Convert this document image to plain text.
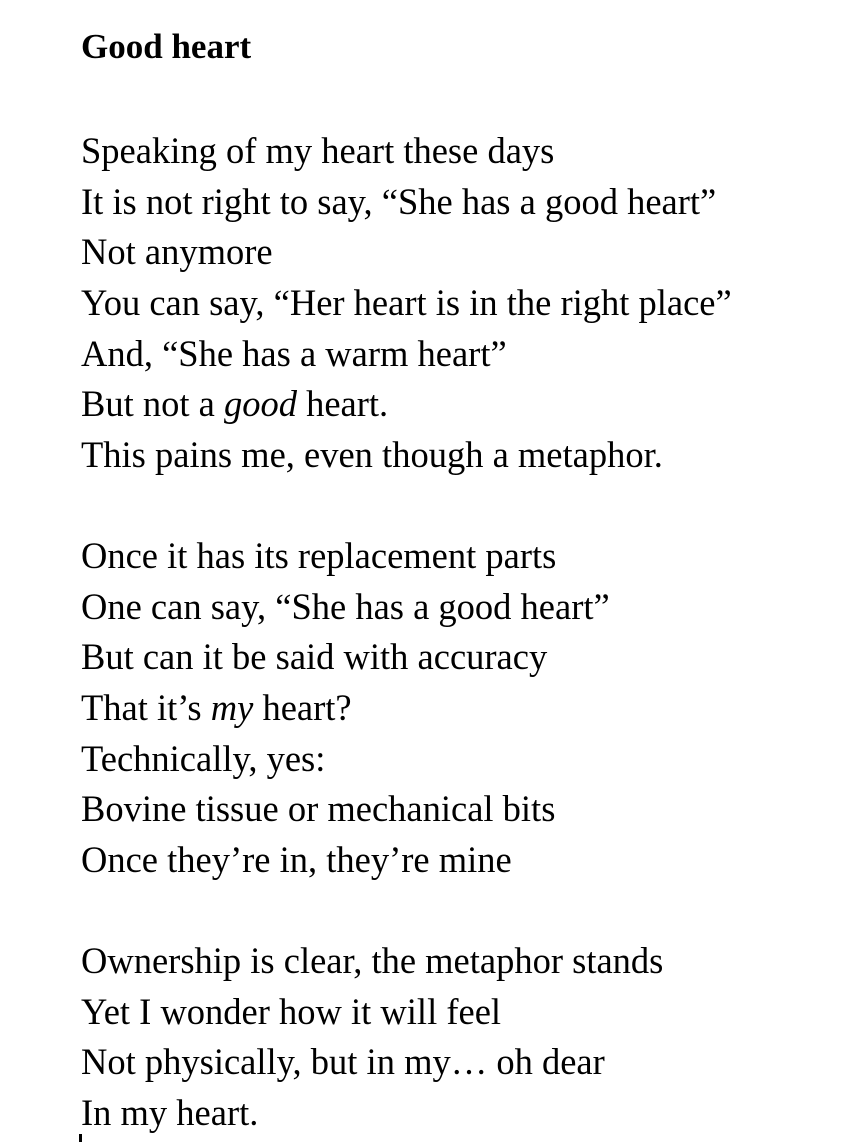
Good heart
Speaking of my heart these days
It is not right to say, “She has a good heart”
Not anymore
You can say, “Her heart is in the right place”
And, “She has a warm heart”
But not a good heart.
This pains me, even though a metaphor.
Once it has its replacement parts
One can say, “She has a good heart”
But can it be said with accuracy
That it’s my heart?
Technically, yes:
Bovine tissue or mechanical bits
Once they’re in, they’re mine
Ownership is clear, the metaphor stands
Yet I wonder how it will feel
Not physically, but in my… oh dear
In my heart.
